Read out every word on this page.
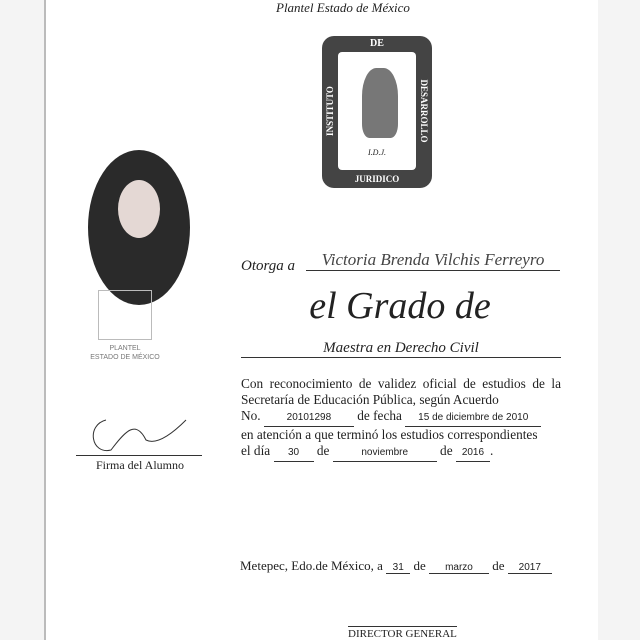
Plantel Estado de México
DE
INSTITUTO	DESARROLLO
JURIDICO
I.D.J.
PLANTEL
ESTADO DE MÉXICO
Otorga a	Victoria Brenda Vilchis Ferreyro
el Grado de
Maestra en Derecho Civil
Con reconocimiento de validez oficial de estudios de la Secretaría de Educación Pública, según Acuerdo
No.	20101298 de fecha 15 de diciembre de 2010
en atención a que terminó los estudios correspondientes
el día 30 de	noviembre de 2016 .
Metepec, Edo.de México, a 31 de marzo de 2017
Firma del Alumno
DIRECTOR GENERAL
